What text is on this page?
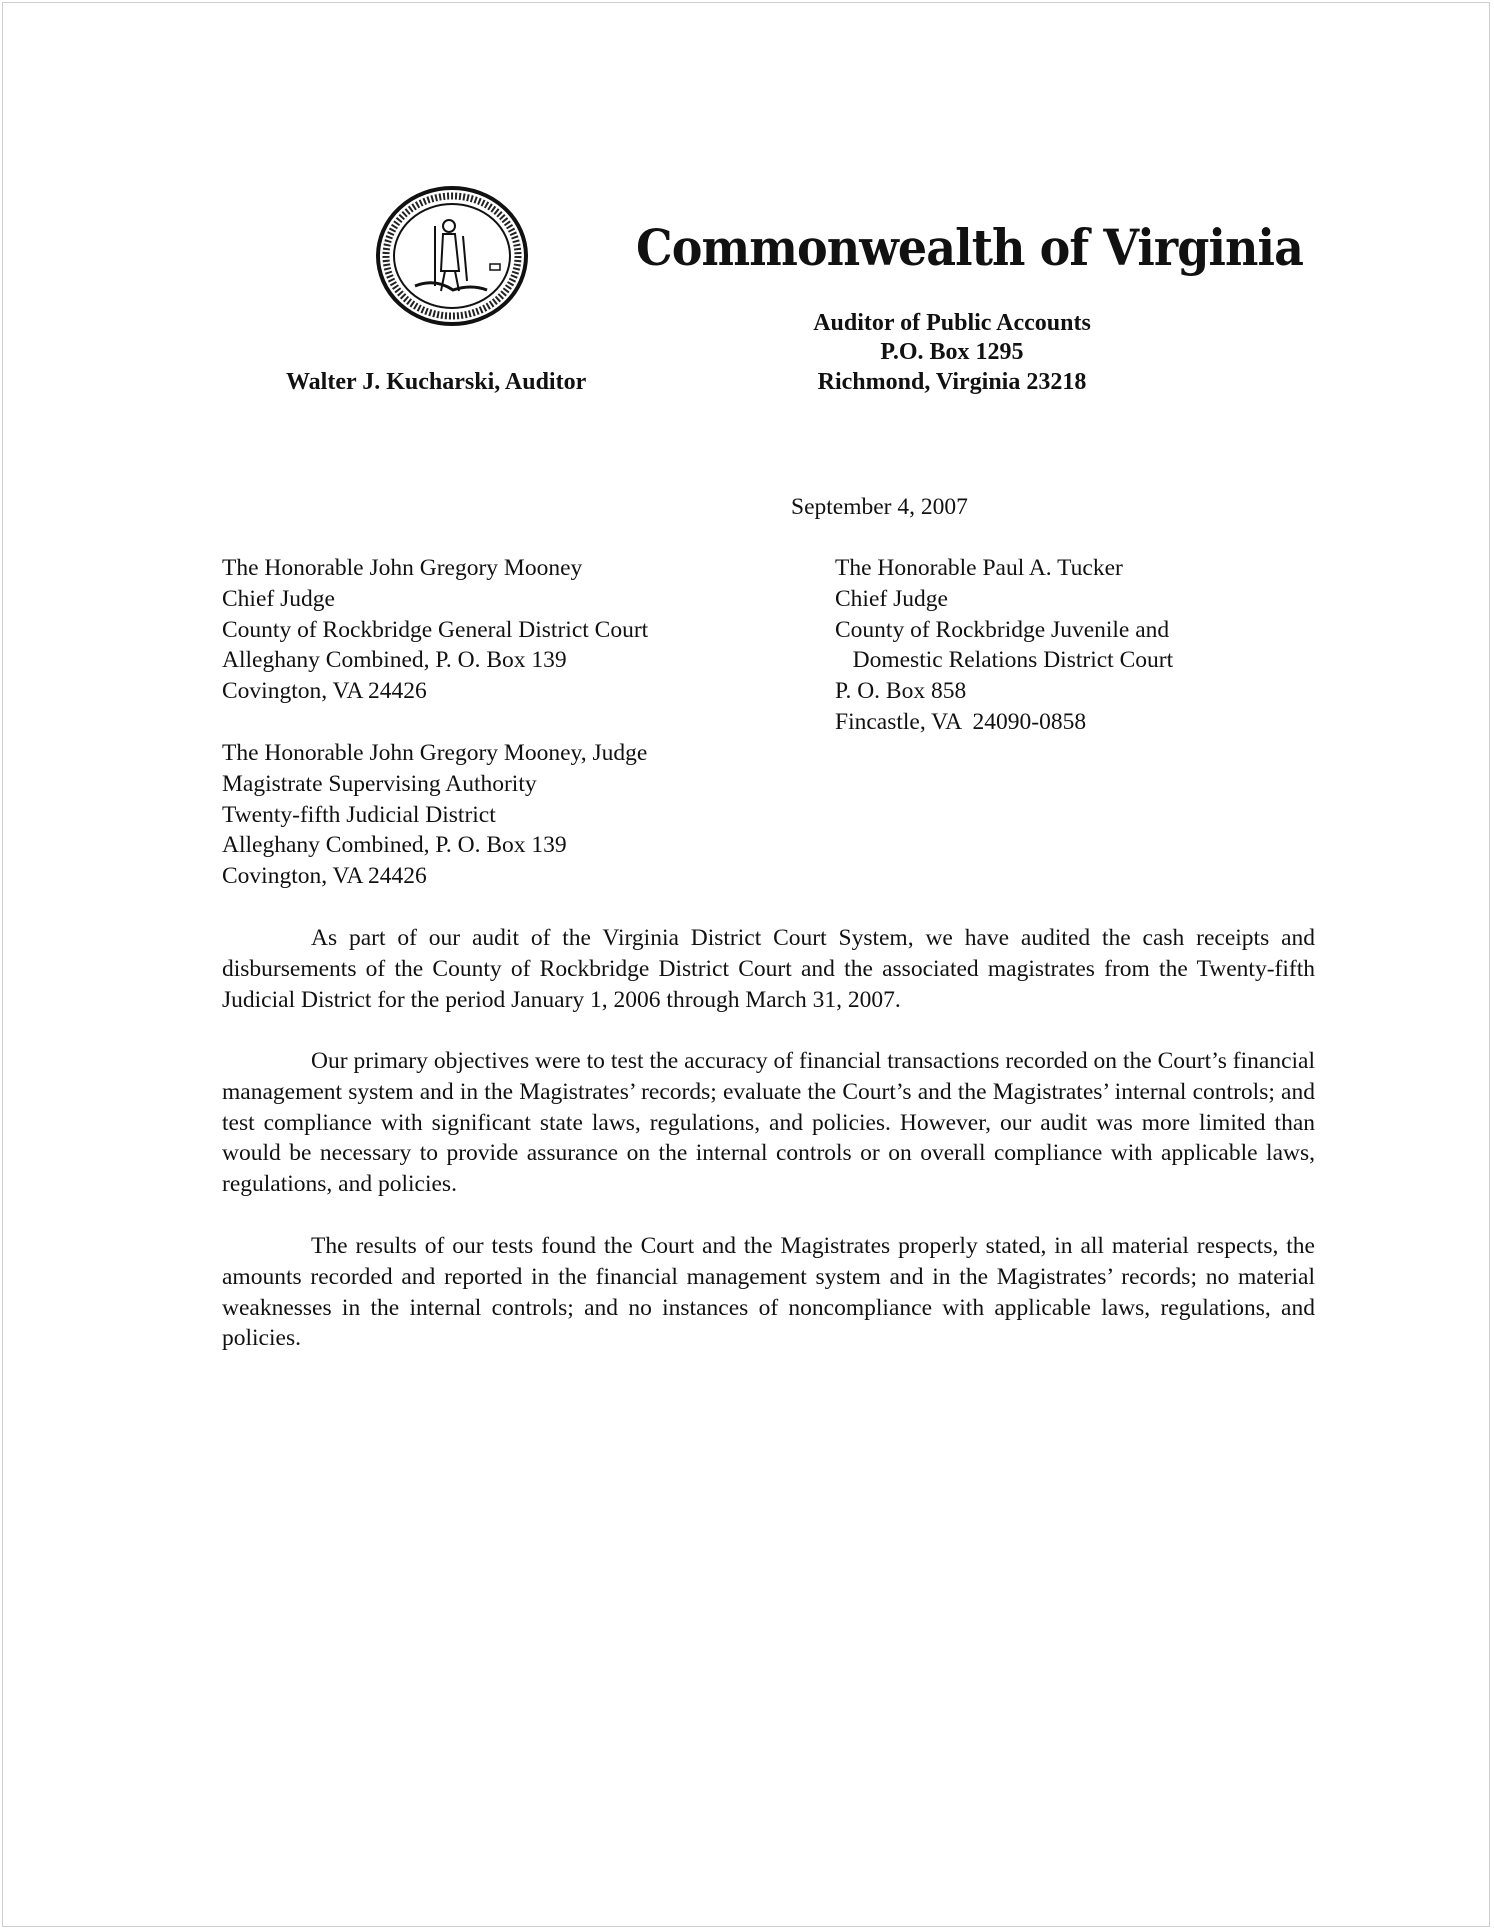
Commonwealth of Virginia
Auditor of Public Accounts
P.O. Box 1295
Richmond, Virginia 23218
Walter J. Kucharski, Auditor
September 4, 2007
The Honorable John Gregory Mooney
Chief Judge
County of Rockbridge General District Court
Alleghany Combined, P. O. Box 139
Covington, VA 24426
The Honorable John Gregory Mooney, Judge
Magistrate Supervising Authority
Twenty-fifth Judicial District
Alleghany Combined, P. O. Box 139
Covington, VA 24426
The Honorable Paul A. Tucker
Chief Judge
County of Rockbridge Juvenile and
Domestic Relations District Court
P. O. Box 858
Fincastle, VA  24090-0858

As part of our audit of the Virginia District Court System, we have audited the cash receipts and disbursements of the County of Rockbridge District Court and the associated magistrates from the Twenty-fifth Judicial District for the period January 1, 2006 through March 31, 2007.

Our primary objectives were to test the accuracy of financial transactions recorded on the Court’s financial management system and in the Magistrates’ records; evaluate the Court’s and the Magistrates’ internal controls; and test compliance with significant state laws, regulations, and policies. However, our audit was more limited than would be necessary to provide assurance on the internal controls or on overall compliance with applicable laws, regulations, and policies.

The results of our tests found the Court and the Magistrates properly stated, in all material respects, the amounts recorded and reported in the financial management system and in the Magistrates’ records; no material weaknesses in the internal controls; and no instances of noncompliance with applicable laws, regulations, and policies.
